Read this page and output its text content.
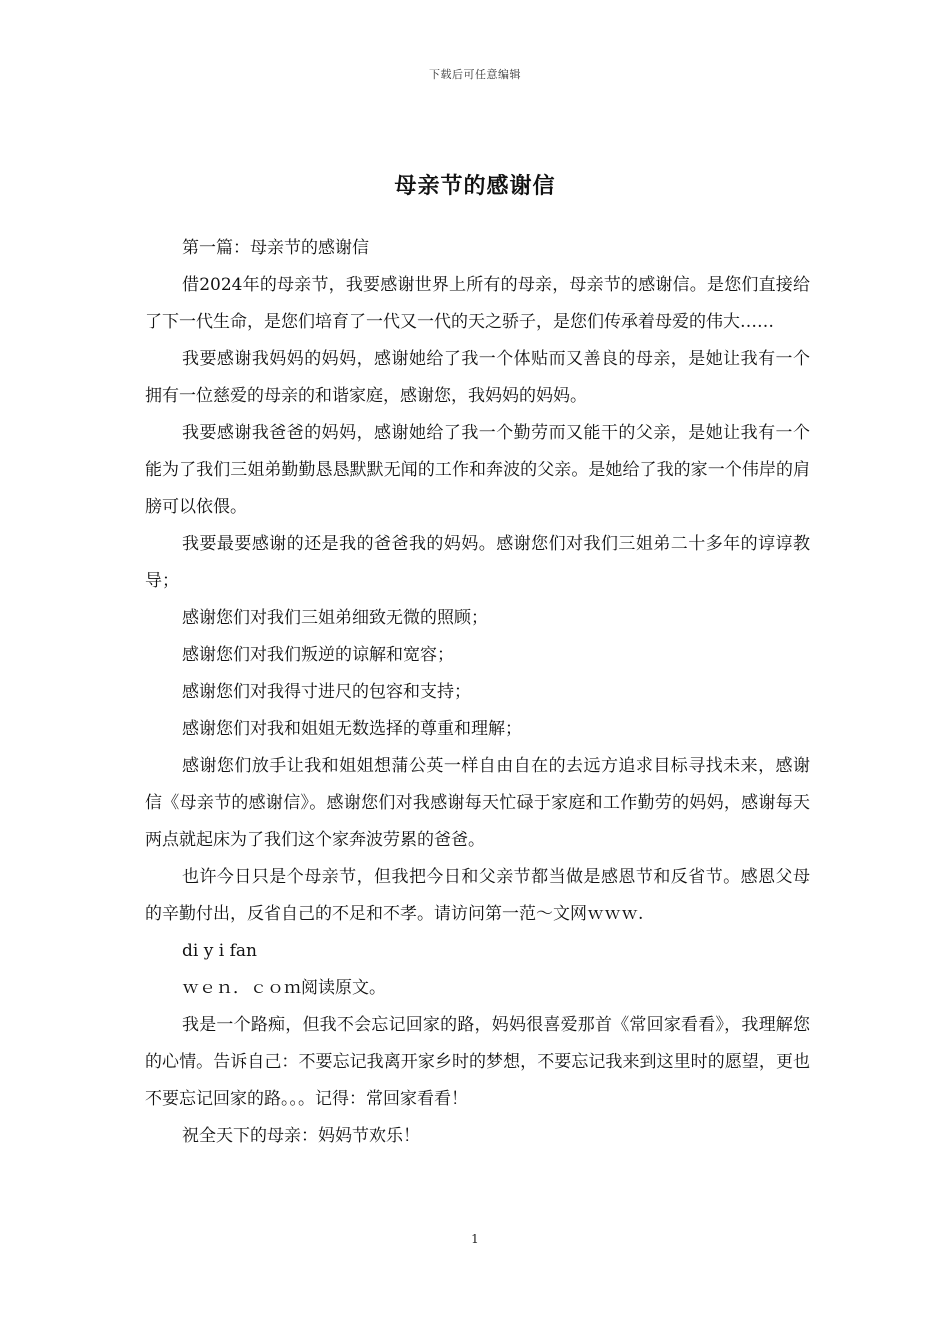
下载后可任意编辑
母亲节的感谢信

第一篇：母亲节的感谢信

借2024年的母亲节，我要感谢世界上所有的母亲，母亲节的感谢信。是您们直接给了下一代生命，是您们培育了一代又一代的天之骄子，是您们传承着母爱的伟大……

我要感谢我妈妈的妈妈，感谢她给了我一个体贴而又善良的母亲，是她让我有一个拥有一位慈爱的母亲的和谐家庭，感谢您，我妈妈的妈妈。

我要感谢我爸爸的妈妈，感谢她给了我一个勤劳而又能干的父亲，是她让我有一个能为了我们三姐弟勤勤恳恳默默无闻的工作和奔波的父亲。是她给了我的家一个伟岸的肩膀可以依偎。

我要最要感谢的还是我的爸爸我的妈妈。感谢您们对我们三姐弟二十多年的谆谆教导；

感谢您们对我们三姐弟细致无微的照顾；

感谢您们对我们叛逆的谅解和宽容；

感谢您们对我得寸进尺的包容和支持；

感谢您们对我和姐姐无数选择的尊重和理解；

感谢您们放手让我和姐姐想蒲公英一样自由自在的去远方追求目标寻找未来，感谢信《母亲节的感谢信》。感谢您们对我感谢每天忙碌于家庭和工作勤劳的妈妈，感谢每天两点就起床为了我们这个家奔波劳累的爸爸。

也许今日只是个母亲节，但我把今日和父亲节都当做是感恩节和反省节。感恩父母的辛勤付出，反省自己的不足和不孝。请访问第一范～文网ｗｗｗ.

di y i fan

ｗｅｎ．ｃｏｍ阅读原文。

我是一个路痴，但我不会忘记回家的路，妈妈很喜爱那首《常回家看看》，我理解您的心情。告诉自己：不要忘记我离开家乡时的梦想，不要忘记我来到这里时的愿望，更也不要忘记回家的路。。。记得：常回家看看！

祝全天下的母亲：妈妈节欢乐！

1
